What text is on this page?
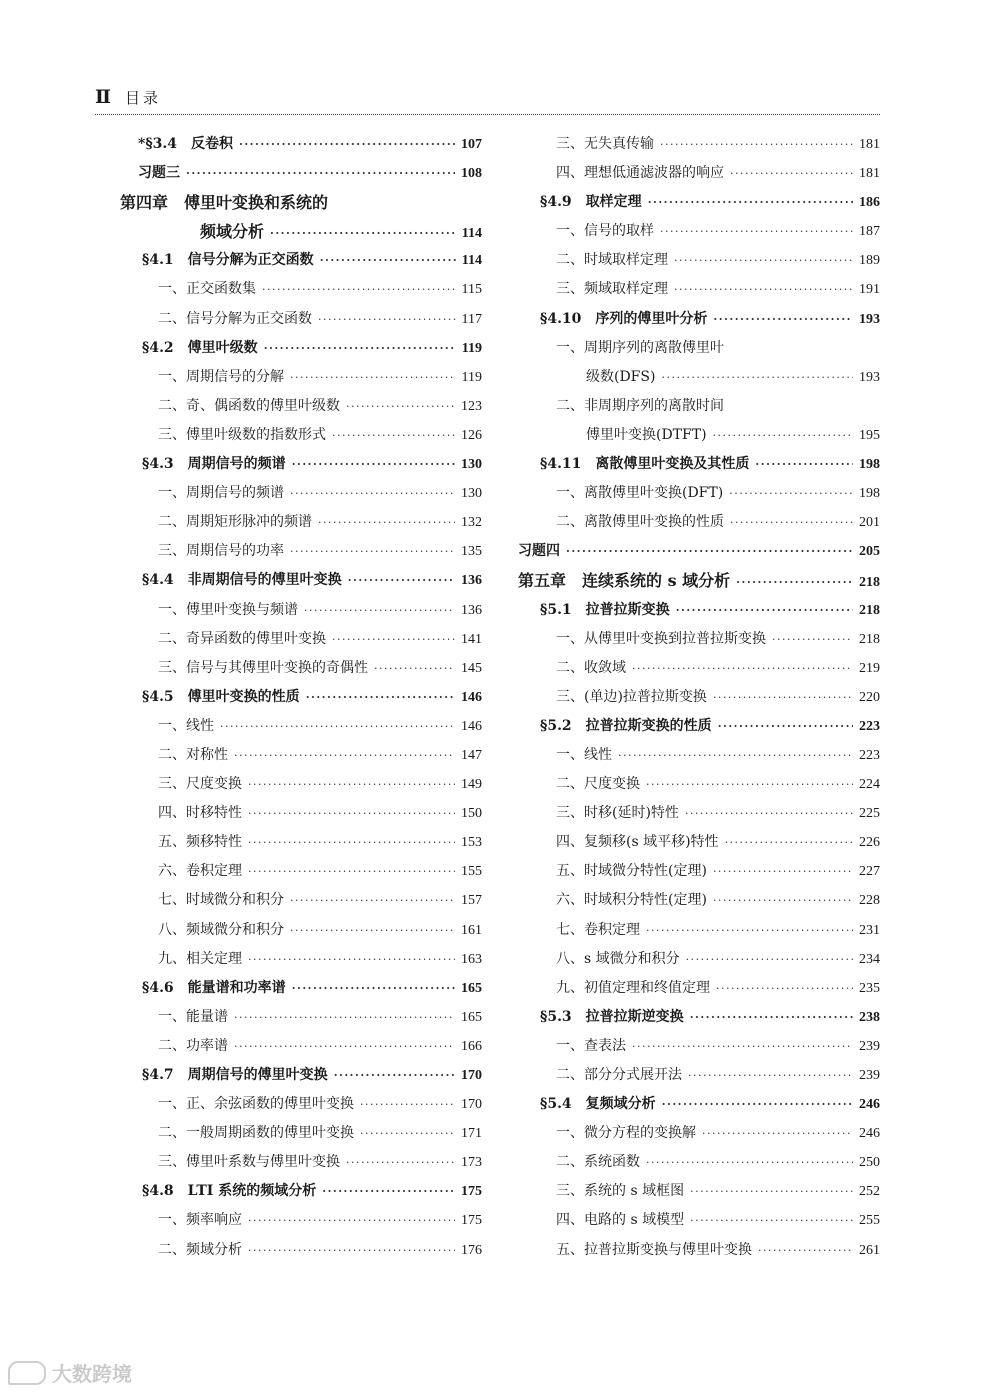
Ⅱ 目录
*§3.4　反卷积 ·····	107
习题三 ·····	108
第四章　傅里叶变换和系统的
频域分析 ·····	114
§4.1　信号分解为正交函数 ·····	114
一、正交函数集 ·····	115
二、信号分解为正交函数 ·····	117
§4.2　傅里叶级数 ·····	119
一、周期信号的分解 ·····	119
二、奇、偶函数的傅里叶级数 ·····	123
三、傅里叶级数的指数形式 ·····	126
§4.3　周期信号的频谱 ·····	130
一、周期信号的频谱 ·····	130
二、周期矩形脉冲的频谱 ·····	132
三、周期信号的功率 ·····	135
§4.4　非周期信号的傅里叶变换 ·····	136
一、傅里叶变换与频谱 ·····	136
二、奇异函数的傅里叶变换 ·····	141
三、信号与其傅里叶变换的奇偶性 ·····	145
§4.5　傅里叶变换的性质 ·····	146
一、线性 ·····	146
二、对称性 ·····	147
三、尺度变换 ·····	149
四、时移特性 ·····	150
五、频移特性 ·····	153
六、卷积定理 ·····	155
七、时域微分和积分 ·····	157
八、频域微分和积分 ·····	161
九、相关定理 ·····	163
§4.6　能量谱和功率谱 ·····	165
一、能量谱 ·····	165
二、功率谱 ·····	166
§4.7　周期信号的傅里叶变换 ·····	170
一、正、余弦函数的傅里叶变换 ·····	170
二、一般周期函数的傅里叶变换 ·····	171
三、傅里叶系数与傅里叶变换 ·····	173
§4.8　LTI 系统的频域分析 ·····	175
一、频率响应 ·····	175
二、频域分析 ·····	176
三、无失真传输 ·····	181
四、理想低通滤波器的响应 ·····	181
§4.9　取样定理 ·····	186
一、信号的取样 ·····	187
二、时域取样定理 ·····	189
三、频域取样定理 ·····	191
§4.10　序列的傅里叶分析 ·····	193
一、周期序列的离散傅里叶
级数(DFS) ·····	193
二、非周期序列的离散时间
傅里叶变换(DTFT) ·····	195
§4.11　离散傅里叶变换及其性质 ·····	198
一、离散傅里叶变换(DFT) ·····	198
二、离散傅里叶变换的性质 ·····	201
习题四 ·····	205
第五章　连续系统的 s 域分析 ·····	218
§5.1　拉普拉斯变换 ·····	218
一、从傅里叶变换到拉普拉斯变换 ·····	218
二、收敛域 ·····	219
三、(单边)拉普拉斯变换 ·····	220
§5.2　拉普拉斯变换的性质 ·····	223
一、线性 ·····	223
二、尺度变换 ·····	224
三、时移(延时)特性 ·····	225
四、复频移(s 域平移)特性 ·····	226
五、时域微分特性(定理) ·····	227
六、时域积分特性(定理) ·····	228
七、卷积定理 ·····	231
八、s 域微分和积分 ·····	234
九、初值定理和终值定理 ·····	235
§5.3　拉普拉斯逆变换 ·····	238
一、查表法 ·····	239
二、部分分式展开法 ·····	239
§5.4　复频域分析 ·····	246
一、微分方程的变换解 ·····	246
二、系统函数 ·····	250
三、系统的 s 域框图 ·····	252
四、电路的 s 域模型 ·····	255
五、拉普拉斯变换与傅里叶变换 ·····	261
大数跨境
